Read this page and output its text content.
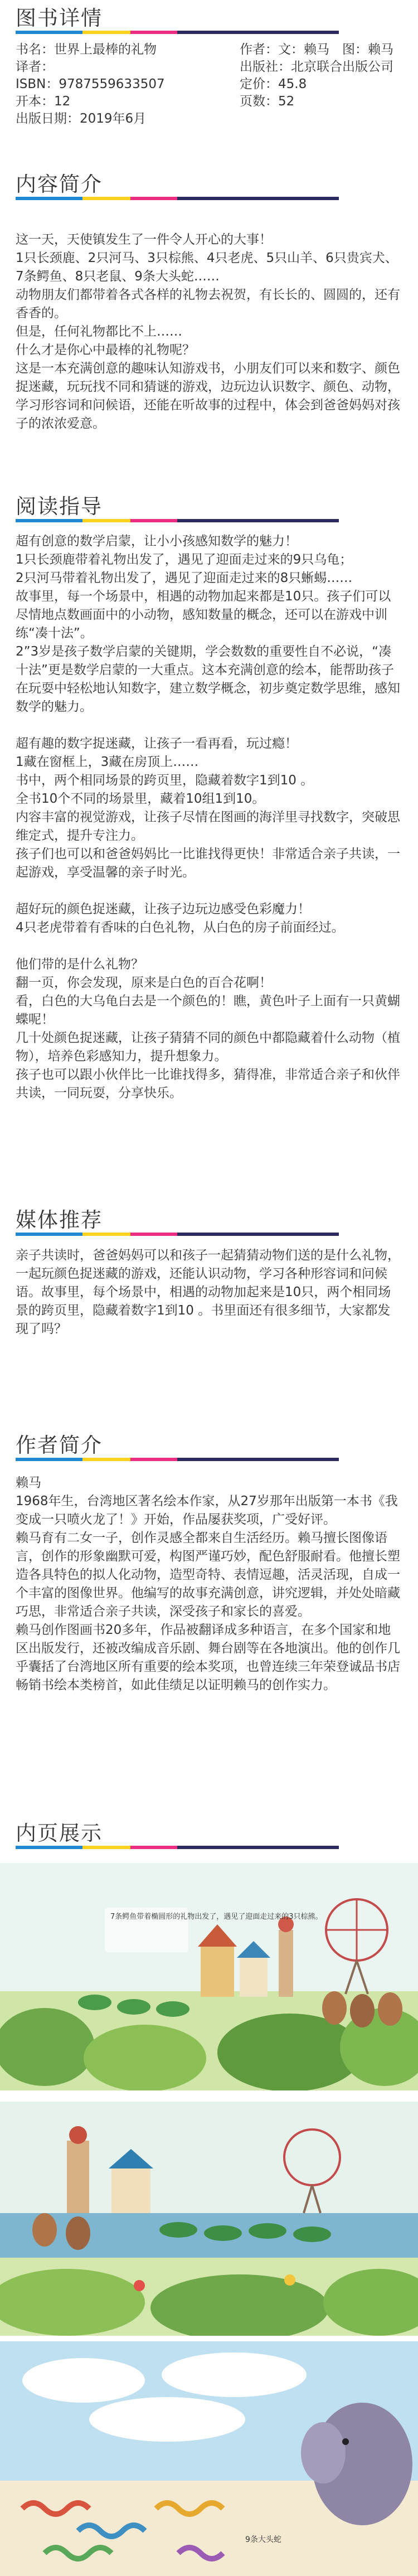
图书详情
书名：世界上最棒的礼物	作者：文：赖马　图：赖马
译者：	出版社：北京联合出版公司
ISBN：9787559633507	定价：45.8
开本：12	页数：52
出版日期：2019年6月
内容简介
这一天，天使镇发生了一件令人开心的大事！
1只长颈鹿、2只河马、3只棕熊、4只老虎、5只山羊、6只贵宾犬、7条鳄鱼、8只老鼠、9条大头蛇……
动物朋友们都带着各式各样的礼物去祝贺，有长长的、圆圆的，还有香香的。
但是，任何礼物都比不上……
什么才是你心中最棒的礼物呢？
这是一本充满创意的趣味认知游戏书，小朋友们可以来和数字、颜色捉迷藏，玩玩找不同和猜谜的游戏，边玩边认识数字、颜色、动物，学习形容词和问候语，还能在听故事的过程中，体会到爸爸妈妈对孩子的浓浓爱意。
阅读指导
超有创意的数学启蒙，让小小孩感知数学的魅力！
1只长颈鹿带着礼物出发了，遇见了迎面走过来的9只乌龟；
2只河马带着礼物出发了，遇见了迎面走过来的8只蜥蜴……
故事里，每一个场景中，相遇的动物加起来都是10只。孩子们可以尽情地点数画面中的小动物，感知数量的概念，还可以在游戏中训练“凑十法”。
2”3岁是孩子数学启蒙的关键期，学会数数的重要性自不必说，“凑十法”更是数学启蒙的一大重点。这本充满创意的绘本，能帮助孩子在玩耍中轻松地认知数字，建立数学概念，初步奠定数学思维，感知数学的魅力。

超有趣的数字捉迷藏，让孩子一看再看，玩过瘾！
1藏在窗框上，3藏在房顶上……
书中，两个相同场景的跨页里，隐藏着数字1到10 。
全书10个不同的场景里，藏着10组1到10。
内容丰富的视觉游戏，让孩子尽情在图画的海洋里寻找数字，突破思维定式，提升专注力。
孩子们也可以和爸爸妈妈比一比谁找得更快！非常适合亲子共读，一起游戏，享受温馨的亲子时光。

超好玩的颜色捉迷藏，让孩子边玩边感受色彩魔力！
4只老虎带着有香味的白色礼物，从白色的房子前面经过。

他们带的是什么礼物？
翻一页，你会发现，原来是白色的百合花啊！
看，白色的大乌龟白去是一个颜色的！瞧，黄色叶子上面有一只黄蝴蝶呢！
几十处颜色捉迷藏，让孩子猜猜不同的颜色中都隐藏着什么动物（植物），培养色彩感知力，提升想象力。
孩子也可以跟小伙伴比一比谁找得多，猜得准，非常适合亲子和伙伴共读，一同玩耍，分享快乐。
媒体推荐
亲子共读时，爸爸妈妈可以和孩子一起猜猜动物们送的是什么礼物，一起玩颜色捉迷藏的游戏，还能认识动物，学习各种形容词和问候语。故事里，每个场景中，相遇的动物加起来是10只，两个相同场景的跨页里，隐藏着数字1到10 。书里面还有很多细节，大家都发现了吗？
作者简介
赖马
1968年生，台湾地区著名绘本作家，从27岁那年出版第一本书《我变成一只喷火龙了！》开始，作品屡获奖项，广受好评。
赖马育有二女一子，创作灵感全都来自生活经历。赖马擅长图像语言，创作的形象幽默可爱，构图严谨巧妙，配色舒服耐看。他擅长塑造各具特色的拟人化动物，造型奇特、表情逗趣，活灵活现，自成一个丰富的图像世界。他编写的故事充满创意，讲究逻辑，并处处暗藏巧思，非常适合亲子共读，深受孩子和家长的喜爱。
赖马创作图画书20多年，作品被翻译成多种语言，在多个国家和地区出版发行，还被改编成音乐剧、舞台剧等在各地演出。他的创作几乎囊括了台湾地区所有重要的绘本奖项，也曾连续三年荣登诚品书店畅销书绘本类榜首，如此佳绩足以证明赖马的创作实力。
内页展示
7条鳄鱼带着椭圆形的礼物出发了，遇见了迎面走过来的3只棕熊。
9条大头蛇
